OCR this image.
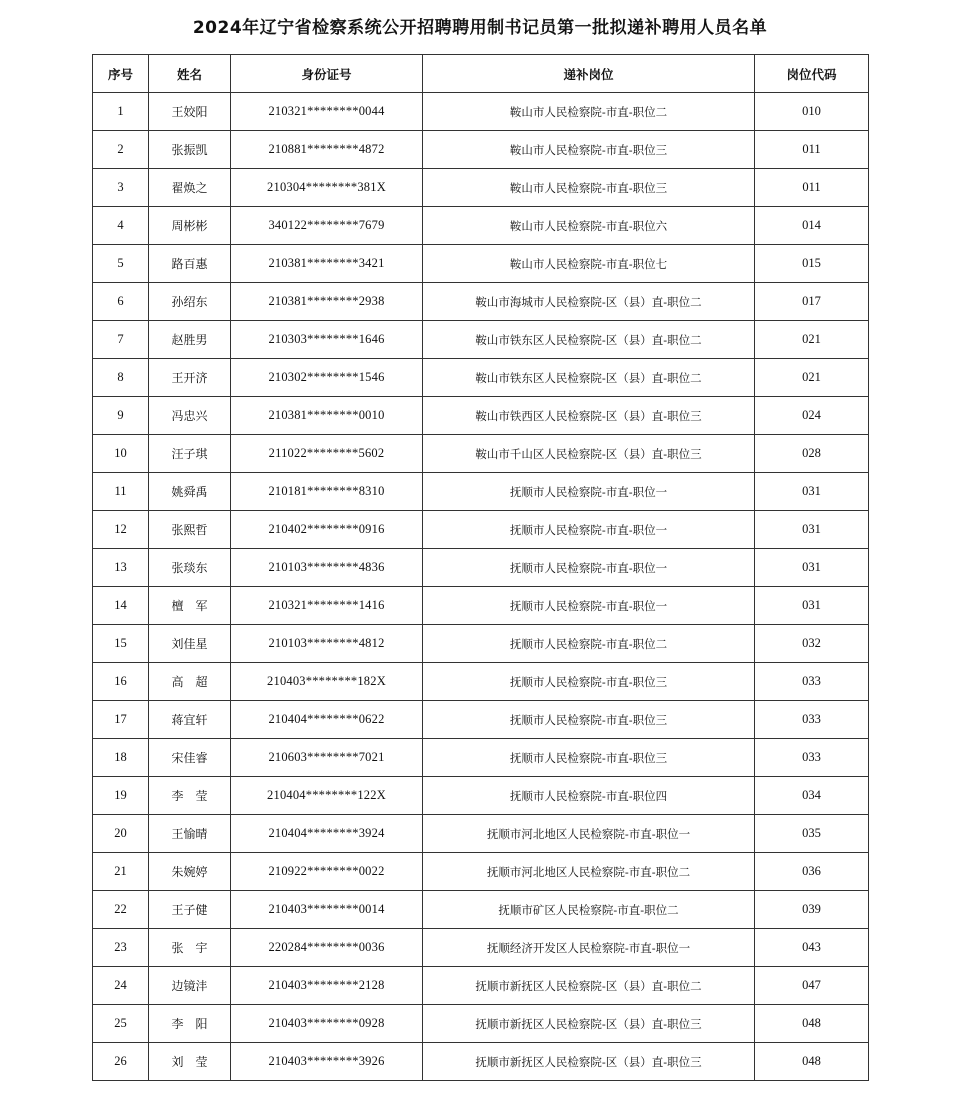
2024年辽宁省检察系统公开招聘聘用制书记员第一批拟递补聘用人员名单
序号	姓名	身份证号	递补岗位	岗位代码
1	王姣阳	210321********0044	鞍山市人民检察院-市直-职位二	010
2	张振凯	210881********4872	鞍山市人民检察院-市直-职位三	011
3	翟焕之	210304********381X	鞍山市人民检察院-市直-职位三	011
4	周彬彬	340122********7679	鞍山市人民检察院-市直-职位六	014
5	路百惠	210381********3421	鞍山市人民检察院-市直-职位七	015
6	孙绍东	210381********2938	鞍山市海城市人民检察院-区（县）直-职位二	017
7	赵胜男	210303********1646	鞍山市铁东区人民检察院-区（县）直-职位二	021
8	王开济	210302********1546	鞍山市铁东区人民检察院-区（县）直-职位二	021
9	冯忠兴	210381********0010	鞍山市铁西区人民检察院-区（县）直-职位三	024
10	汪子琪	211022********5602	鞍山市千山区人民检察院-区（县）直-职位三	028
11	姚舜禹	210181********8310	抚顺市人民检察院-市直-职位一	031
12	张熙哲	210402********0916	抚顺市人民检察院-市直-职位一	031
13	张琰东	210103********4836	抚顺市人民检察院-市直-职位一	031
14	檀　军	210321********1416	抚顺市人民检察院-市直-职位一	031
15	刘佳星	210103********4812	抚顺市人民检察院-市直-职位二	032
16	高　超	210403********182X	抚顺市人民检察院-市直-职位三	033
17	蒋宜轩	210404********0622	抚顺市人民检察院-市直-职位三	033
18	宋佳睿	210603********7021	抚顺市人民检察院-市直-职位三	033
19	李　莹	210404********122X	抚顺市人民检察院-市直-职位四	034
20	王愉晴	210404********3924	抚顺市河北地区人民检察院-市直-职位一	035
21	朱婉婷	210922********0022	抚顺市河北地区人民检察院-市直-职位二	036
22	王子健	210403********0014	抚顺市矿区人民检察院-市直-职位二	039
23	张　宇	220284********0036	抚顺经济开发区人民检察院-市直-职位一	043
24	边镜沣	210403********2128	抚顺市新抚区人民检察院-区（县）直-职位二	047
25	李　阳	210403********0928	抚顺市新抚区人民检察院-区（县）直-职位三	048
26	刘　莹	210403********3926	抚顺市新抚区人民检察院-区（县）直-职位三	048
